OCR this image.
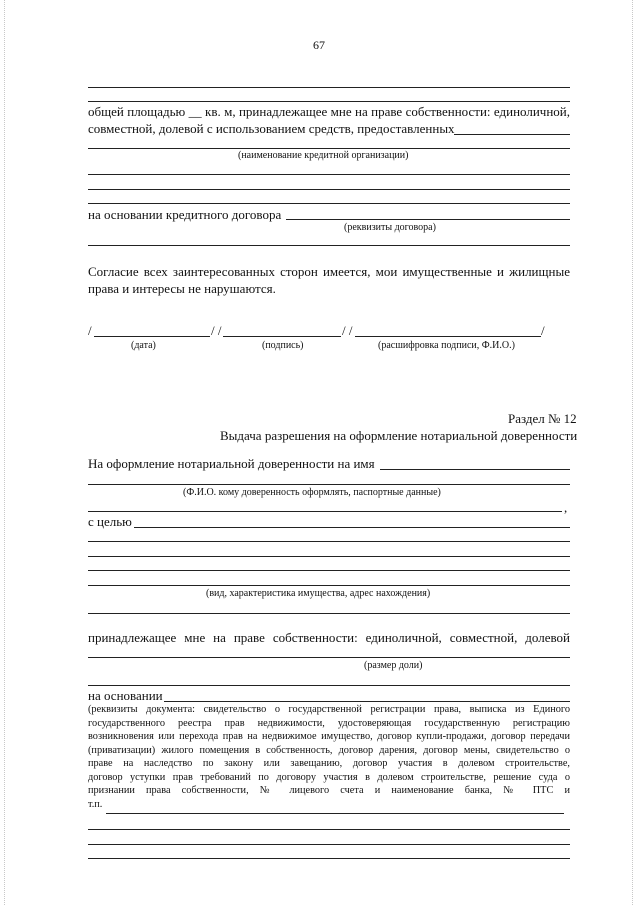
67
общей площадью __ кв. м, принадлежащее мне на праве собственности: единоличной,
совместной, долевой с использованием средств, предоставленных
(наименование кредитной организации)
на основании кредитного договора
(реквизиты договора)
Согласие всех заинтересованных сторон имеется, мои имущественные и жилищные
права и интересы не нарушаются.
/	/ /	/ /	/
(дата)	(подпись)	(расшифровка подписи, Ф.И.О.)
Раздел № 12
Выдача разрешения на оформление нотариальной доверенности
На оформление нотариальной доверенности на имя
(Ф.И.О. кому доверенность оформлять, паспортные данные)
,
с целью
(вид, характеристика имущества, адрес нахождения)
принадлежащее мне на праве собственности: единоличной, совместной, долевой
(размер доли)
на основании
(реквизиты документа: свидетельство о государственной регистрации права, выписка из Единого
государственного реестра прав недвижимости, удостоверяющая государственную регистрацию
возникновения или перехода прав на недвижимое имущество, договор купли-продажи, договор передачи
(приватизации) жилого помещения в собственность, договор дарения, договор мены, свидетельство о
праве на наследство по закону или завещанию, договор участия в долевом строительстве,
договор уступки прав требований по договору участия в долевом строительстве, решение суда о
признании права собственности, № лицевого счета и наименование банка, № ПТС и
т.п.
